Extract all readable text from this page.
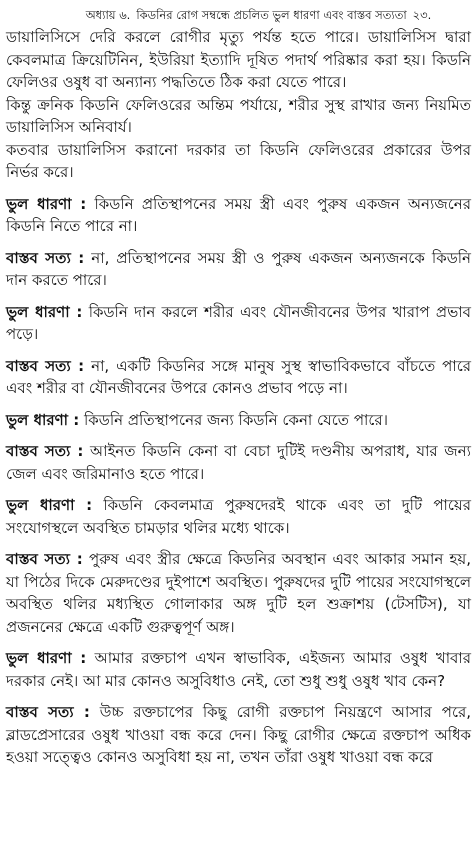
অধ্যায় ৬. কিডনির রোগ সম্বন্ধে প্রচলিত ভুল ধারণা এবং বাস্তব সত্যতা ২৩.

ডায়ালিসিসে দেরি করলে রোগীর মৃত্যু পর্যন্ত হতে পারে। ডায়ালিসিস দ্বারা কেবলমাত্র ক্রিয়েটিনিন, ইউরিয়া ইত্যাদি দূষিত পদার্থ পরিষ্কার করা হয়। কিডনি ফেলিওর ওষুধ বা অন্যান্য পদ্ধতিতে ঠিক করা যেতে পারে।

কিন্তু ক্রনিক কিডনি ফেলিওরের অন্তিম পর্যায়ে, শরীর সুস্থ রাখার জন্য নিয়মিত ডায়ালিসিস অনিবার্য।

কতবার ডায়ালিসিস করানো দরকার তা কিডনি ফেলিওরের প্রকারের উপর নির্ভর করে।

ভুল ধারণা : কিডনি প্রতিস্থাপনের সময় স্ত্রী এবং পুরুষ একজন অন্যজনের কিডনি নিতে পারে না।

বাস্তব সত্য : না, প্রতিস্থাপনের সময় স্ত্রী ও পুরুষ একজন অন্যজনকে কিডনি দান করতে পারে।

ভুল ধারণা : কিডনি দান করলে শরীর এবং যৌনজীবনের উপর খারাপ প্রভাব পড়ে।

বাস্তব সত্য : না, একটি কিডনির সঙ্গে মানুষ সুস্থ স্বাভাবিকভাবে বাঁচতে পারে এবং শরীর বা যৌনজীবনের উপরে কোনও প্রভাব পড়ে না।

ভুল ধারণা : কিডনি প্রতিস্থাপনের জন্য কিডনি কেনা যেতে পারে।

বাস্তব সত্য : আইনত কিডনি কেনা বা বেচা দুটিই দণ্ডনীয় অপরাধ, যার জন্য জেল এবং জরিমানাও হতে পারে।

ভুল ধারণা : কিডনি কেবলমাত্র পুরুষদেরই থাকে এবং তা দুটি পায়ের সংযোগস্থলে অবস্থিত চামড়ার থলির মধ্যে থাকে।

বাস্তব সত্য : পুরুষ এবং স্ত্রীর ক্ষেত্রে কিডনির অবস্থান এবং আকার সমান হয়, যা পিঠের দিকে মেরুদণ্ডের দুইপাশে অবস্থিত। পুরুষদের দুটি পায়ের সংযোগস্থলে অবস্থিত থলির মধ্যস্থিত গোলাকার অঙ্গ দুটি হল শুক্রাশয় (টেসটিস), যা প্রজননের ক্ষেত্রে একটি গুরুত্বপূর্ণ অঙ্গ।

ভুল ধারণা : আমার রক্তচাপ এখন স্বাভাবিক, এইজন্য আমার ওষুধ খাবার দরকার নেই। আ মার কোনও অসুবিধাও নেই, তো শুধু শুধু ওষুধ খাব কেন?

বাস্তব সত্য : উচ্চ রক্তচাপের কিছু রোগী রক্তচাপ নিয়ন্ত্রণে আসার পরে, ব্লাডপ্রেসারের ওষুধ খাওয়া বন্ধ করে দেন। কিছু রোগীর ক্ষেত্রে রক্তচাপ অধিক হওয়া সত্ত্বেও কোনও অসুবিধা হয় না, তখন তাঁরা ওষুধ খাওয়া বন্ধ করে
